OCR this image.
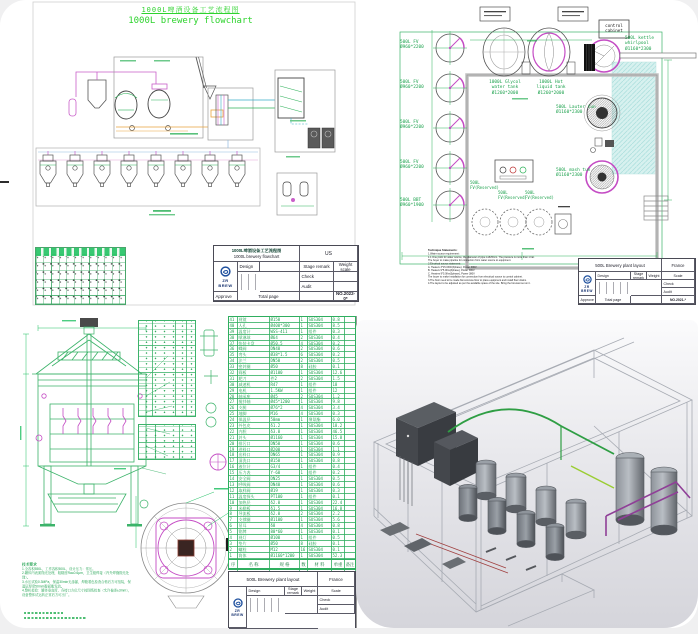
1000L啤酒设备工艺流程图
1000L brewery flowchart
1000L啤酒设备工艺流程图
1000L brewery flowchart	US
Design	Stage remark	Weight scale
ZR BREW
Check
Audit
Approve	Total page	NO.2022-0*
500L FV
Ø960*2200
500L FV
Ø960*2200
500L FV
Ø960*2200
500L FV
Ø960*2200
500L BBT
Ø960*1900
1000L Glycol
water tank
Ø1260*2000
1000L Hot
liquid tank
Ø1260*2000
control
cabinet
500L kettle
whirlpool
Ø1160*2300
500L Lauter tun
Ø1160*2300
500L mash tun
Ø1160*2300
500L
FV(Reserved)
500L
FV(Reserved)
500L
FV(Reserved)
Technique Statements:
1.Water source requirement:
1.1 One point for water source, the diameter of pipe is Ø25mm. The pressure is more than 1 bar.
The buyer to make pipeline for connection from water source to equipment.
2.Electrical source statement:
A. Heaters 3*15.0KW(3phase), Power 380V
B. Heaters 9*5.0Kw(3phase), Power 380V
C. Heaters 9*5.0Kw(3phase), Power 380V
The buyer to make installation for connection from electrical source to control cabinet.
3.The floor need to be made flat concrete floor to place equipment and install floor drains.
4.The layout to be adjusted as per the available space of the site. Bring the forecast set on it.
500L Brewery plant layout	France
Design	Stage remark	Weight	Scale
ZR BREW
Check
Audit
Approve	Total page	NO.2021-*
41	视镜	Ø150	1	SUS304	0.8
40	人孔	Ø400*300	1	SUS304	8.5
39	温度计	WSS-411	1	组件	0.3
38	喷淋球	Ø64	2	SUS304	0.4
37	快装卡盘	Ø50.5	4	SUS304	0.2
36	蝶阀	DN40	2	SUS304	0.6
35	弯头	Ø38*1.5	6	SUS304	0.2
34	法兰	DN50	2	SUS304	0.5
33	密封圈	Ø50	8	硅胶	0.1
32	筛板	Ø1100	1	SUS304	12.6
31	耙刀	件2	2	SUS304	1.5
30	减速机	R47	1	组件	18
29	电机	1.5KW	1	组件	12
28	轴承座	Ø45	2	SUS304	1.2
27	搅拌轴	Ø45*1200	1	SUS304	9.8
26	支腿	Ø76*2	4	SUS304	3.4
25	地脚	M16	4	SUS304	0.3
24	保温层	50mm	1	聚氨酯	6.0
23	外包皮	δ1.2	1	SUS304	18.2
22	内胆	δ3.0	1	SUS304	46.5
21	封头	Ø1160	1	SUS304	15.8
20	排污口	DN50	1	SUS304	0.6
19	进料口	Ø200	1	SUS304	1.1
18	出料口	DN65	1	SUS304	0.9
17	清洗口	Ø150	1	SUS304	0.8
16	液位计	G3/4	1	组件	0.4
15	压力表	Y-60	1	组件	0.2
14	安全阀	DN25	1	SUS304	0.5
13	呼吸阀	DN40	1	SUS304	0.6
12	取样阀	Ø19	1	SUS304	0.3
11	温度探头	PT100	1	组件	0.1
10	加热层	δ2.0	1	SUS304	22.4
9	米勒板	δ1.5	1	SUS304	16.8
8	导流板	δ2.0	2	SUS304	2.2
7	支撑圈	Ø1100	1	SUS304	5.6
6	吊耳	δ8	4	SUS304	0.8
5	铭牌	80*60	1	SUS304	0.1
4	视灯	Ø100	1	组件	0.5
3	垫片	Ø50	8	硅胶	0.1
2	螺栓	M12	16 SUS304	0.1
1	筒体	Ø1160*1200	1	SUS304	52.3
序	名 称	规 格	数	材 料	单重 备注
技术要求
1.全容积550L，工作容积500L，设计压力：常压。
2.罐体内表面抛光处理，粗糙度Ra≤0.6μm，卫生级焊接（内外焊缝抛光处理）。
3.水压试验0.3MPa，保温30min无渗漏，焊缝着色检查合格后方可组装，保温层厚度50mm聚氨酯发泡。
4.整机检验：罐体垂直度、各接口方位尺寸按图纸检查（允许偏差±3mm），设备整体试运转正常后方可出厂。
500L Brewery plant layout	France
Design	Stage remark	Weight	Scale
ZR BREW
Check
Audit
